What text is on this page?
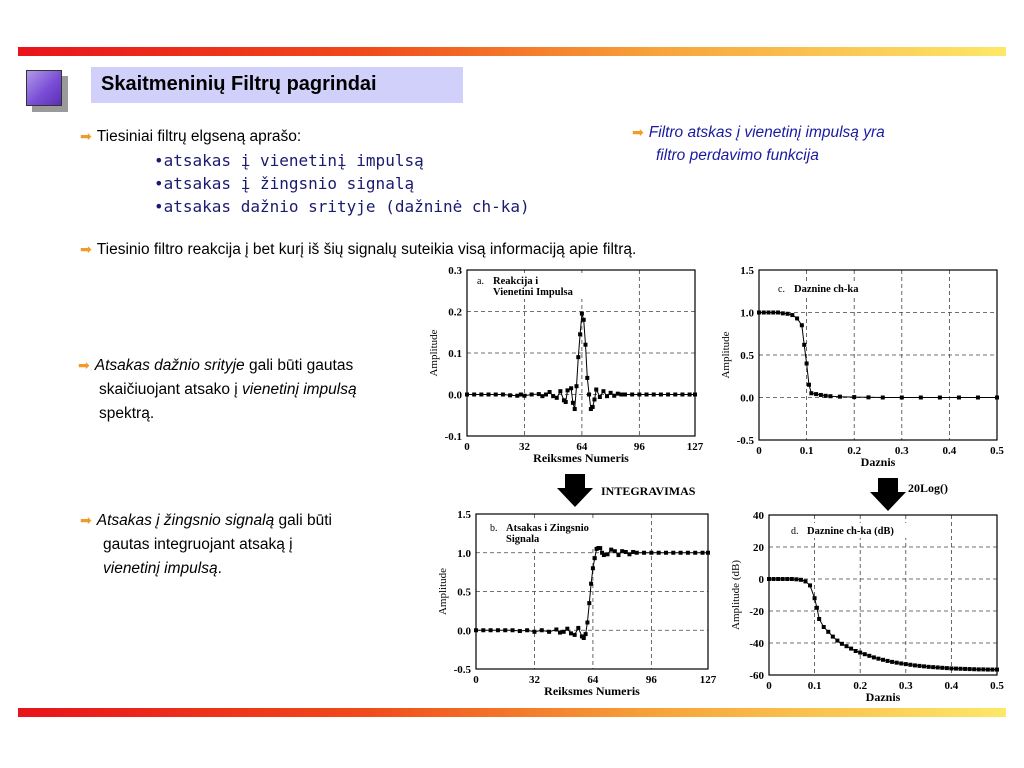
Skaitmeninių Filtrų pagrindai
➡ Tiesiniai filtrų elgseną aprašo:
•atsakas į vienetinį impulsą
•atsakas į žingsnio signalą
•atsakas dažnio srityje (dažninė ch-ka)
➡ Filtro atskas į vienetinį impulsą yra
filtro perdavimo funkcija
➡ Tiesinio filtro reakcija į bet kurį iš šių signalų suteikia visą informaciją apie filtrą.
➡ Atsakas dažnio srityje gali būti gautas
skaičiuojant atsako į vienetinį impulsą
spektrą.
➡ Atsakas į žingsnio signalą gali būti
gautas integruojant atsaką į
vienetinį impulsą.
0	32	64	96	127
-0.1
0.0
0.1
0.2
0.3
Reiksmes Numeris
Amplitude
a. Reakcija i
Vienetini Impulsa
0	0.1	0.2	0.3	0.4	0.5
-0.5
0.0
0.5
1.0
1.5
Daznis
Amplitude
c. Daznine ch-ka
0	32	64	96	127
-0.5
0.0
0.5
1.0
1.5
Reiksmes Numeris
Amplitude
b. Atsakas i Zingsnio
Signala
0	0.1	0.2	0.3	0.4	0.5
-60
-40
-20
0
20
40
Daznis
Amplitude (dB)
d. Daznine ch-ka (dB)
INTEGRAVIMAS	20Log()
